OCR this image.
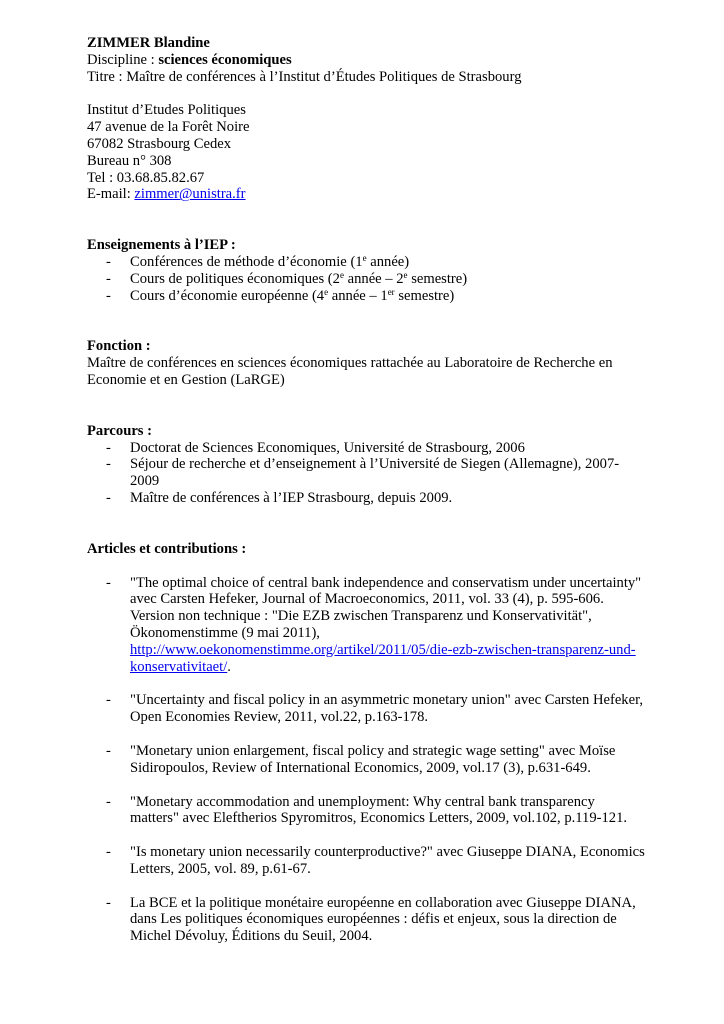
ZIMMER Blandine

Discipline : sciences économiques

Titre : Maître de conférences à l’Institut d’Études Politiques de Strasbourg

Institut d’Etudes Politiques

47 avenue de la Forêt Noire

67082 Strasbourg Cedex

Bureau n° 308

Tel : 03.68.85.82.67

E-mail: zimmer@unistra.fr

Enseignements à l’IEP :

- Conférences de méthode d’économie (1e année)
- Cours de politiques économiques (2e année – 2e semestre)
- Cours d’économie européenne (4e année – 1er semestre)

Fonction :

Maître de conférences en sciences économiques rattachée au Laboratoire de Recherche en Economie et en Gestion (LaRGE)

Parcours :

- Doctorat de Sciences Economiques, Université de Strasbourg, 2006
- Séjour de recherche et d’enseignement à l’Université de Siegen (Allemagne), 2007-2009
- Maître de conférences à l’IEP Strasbourg, depuis 2009.

Articles et contributions :

- "The optimal choice of central bank independence and conservatism under uncertainty" avec Carsten Hefeker, Journal of Macroeconomics, 2011, vol. 33 (4), p. 595-606.
Version non technique : "Die EZB zwischen Transparenz und Konservativität", Ökonomenstimme (9 mai 2011),
http://www.oekonomenstimme.org/artikel/2011/05/die-ezb-zwischen-transparenz-und-konservativitaet/.
- "Uncertainty and fiscal policy in an asymmetric monetary union" avec Carsten Hefeker, Open Economies Review, 2011, vol.22, p.163-178.
- "Monetary union enlargement, fiscal policy and strategic wage setting" avec Moïse Sidiropoulos, Review of International Economics, 2009, vol.17 (3), p.631-649.
- "Monetary accommodation and unemployment: Why central bank transparency matters" avec Eleftherios Spyromitros, Economics Letters, 2009, vol.102, p.119-121.
- "Is monetary union necessarily counterproductive?" avec Giuseppe DIANA, Economics Letters, 2005, vol. 89, p.61-67.
- La BCE et la politique monétaire européenne en collaboration avec Giuseppe DIANA, dans Les politiques économiques européennes : défis et enjeux, sous la direction de Michel Dévoluy, Éditions du Seuil, 2004.
